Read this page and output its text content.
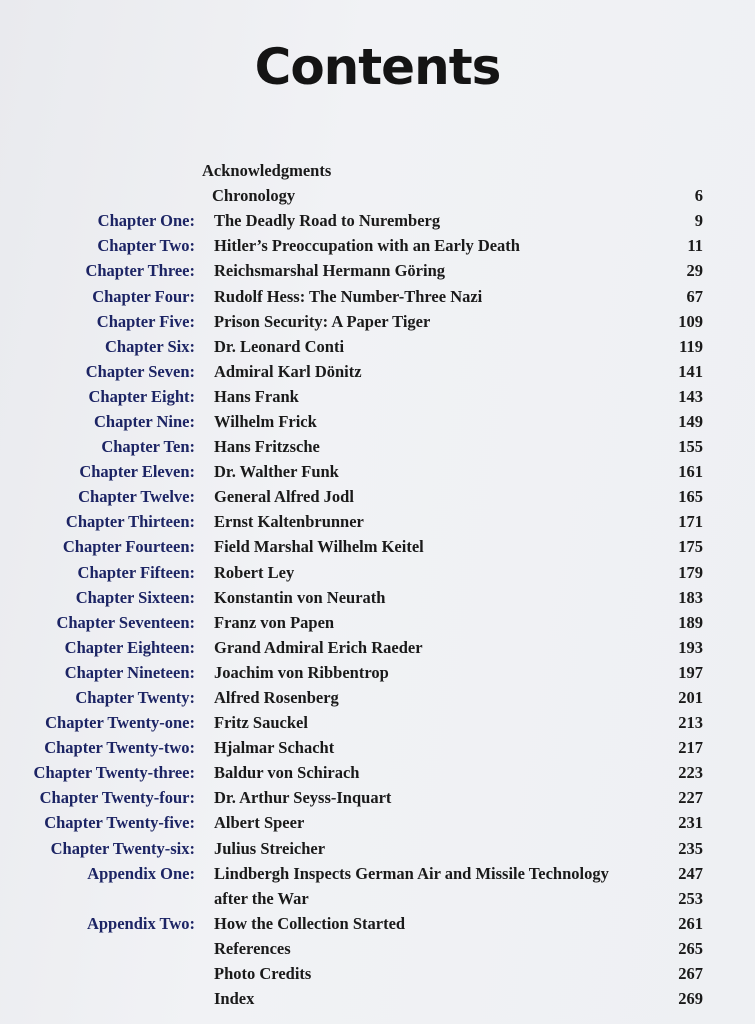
Contents
Acknowledgments
Chronology	6
Chapter One: The Deadly Road to Nuremberg	9
Chapter Two: Hitler’s Preoccupation with an Early Death	11
Chapter Three: Reichsmarshal Hermann Göring	29
Chapter Four: Rudolf Hess: The Number-Three Nazi	67
Chapter Five: Prison Security: A Paper Tiger	109
Chapter Six: Dr. Leonard Conti	119
Chapter Seven: Admiral Karl Dönitz	141
Chapter Eight: Hans Frank	143
Chapter Nine: Wilhelm Frick	149
Chapter Ten: Hans Fritzsche	155
Chapter Eleven: Dr. Walther Funk	161
Chapter Twelve: General Alfred Jodl	165
Chapter Thirteen: Ernst Kaltenbrunner	171
Chapter Fourteen: Field Marshal Wilhelm Keitel	175
Chapter Fifteen: Robert Ley	179
Chapter Sixteen: Konstantin von Neurath	183
Chapter Seventeen: Franz von Papen	189
Chapter Eighteen: Grand Admiral Erich Raeder	193
Chapter Nineteen: Joachim von Ribbentrop	197
Chapter Twenty: Alfred Rosenberg	201
Chapter Twenty-one: Fritz Sauckel	213
Chapter Twenty-two: Hjalmar Schacht	217
Chapter Twenty-three: Baldur von Schirach	223
Chapter Twenty-four: Dr. Arthur Seyss-Inquart	227
Chapter Twenty-five: Albert Speer	231
Chapter Twenty-six: Julius Streicher	235
Appendix One: Lindbergh Inspects German Air and Missile Technology	247
after the War	253
Appendix Two: How the Collection Started	261
References	265
Photo Credits	267
Index	269
